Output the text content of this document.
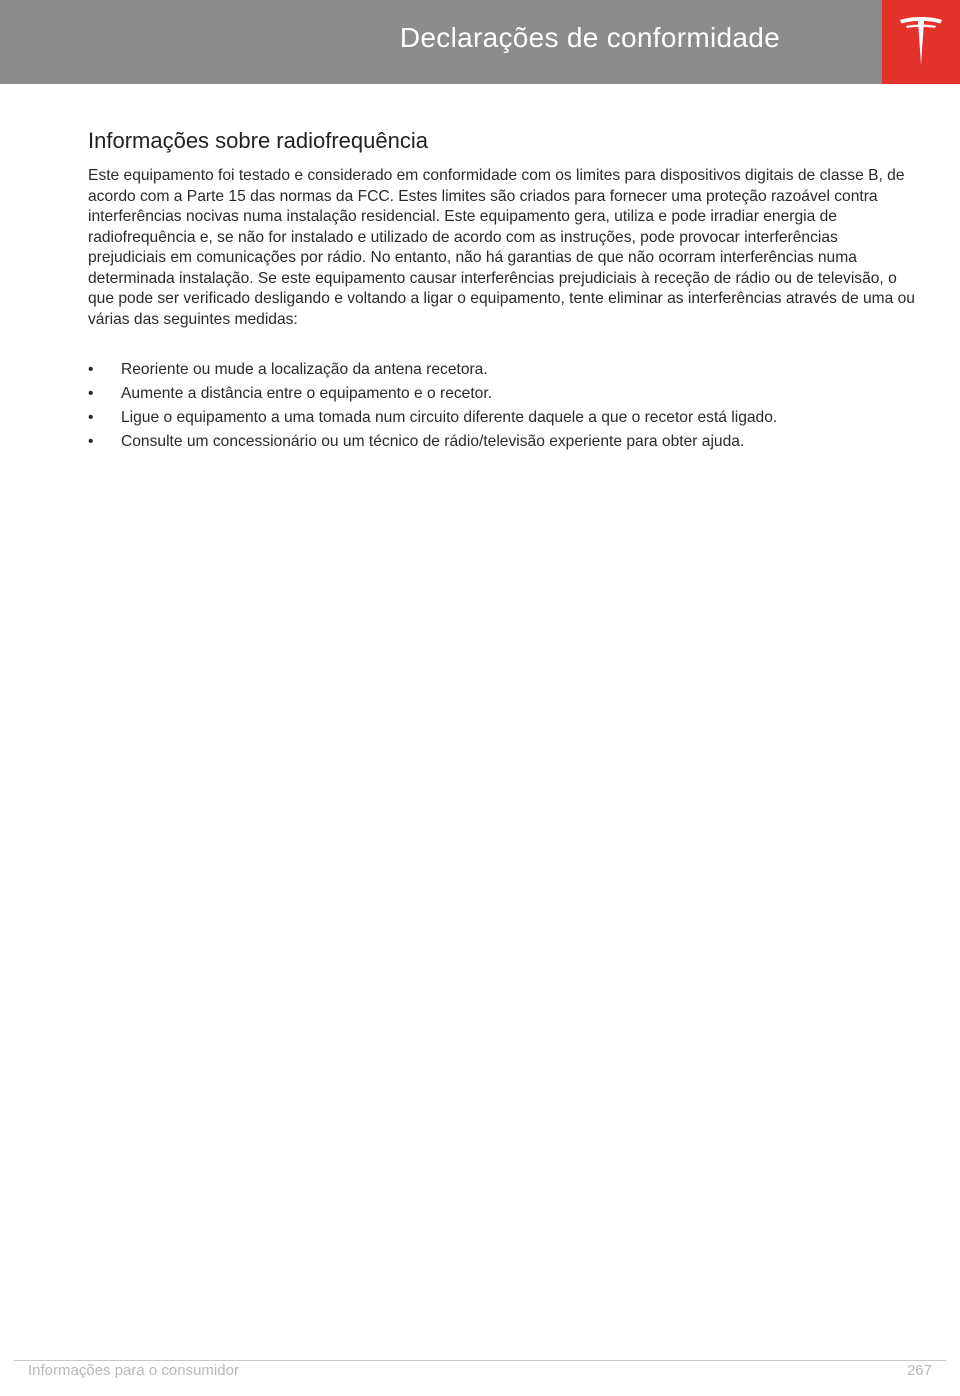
Declarações de conformidade
Informações sobre radiofrequência

Este equipamento foi testado e considerado em conformidade com os limites para dispositivos digitais de classe B, de acordo com a Parte 15 das normas da FCC. Estes limites são criados para fornecer uma proteção razoável contra interferências nocivas numa instalação residencial. Este equipamento gera, utiliza e pode irradiar energia de radiofrequência e, se não for instalado e utilizado de acordo com as instruções, pode provocar interferências prejudiciais em comunicações por rádio. No entanto, não há garantias de que não ocorram interferências numa determinada instalação. Se este equipamento causar interferências prejudiciais à receção de rádio ou de televisão, o que pode ser verificado desligando e voltando a ligar o equipamento, tente eliminar as interferências através de uma ou várias das seguintes medidas:

• Reoriente ou mude a localização da antena recetora.
• Aumente a distância entre o equipamento e o recetor.
• Ligue o equipamento a uma tomada num circuito diferente daquele a que o recetor está ligado.
• Consulte um concessionário ou um técnico de rádio/televisão experiente para obter ajuda.
Informações para o consumidor	267
